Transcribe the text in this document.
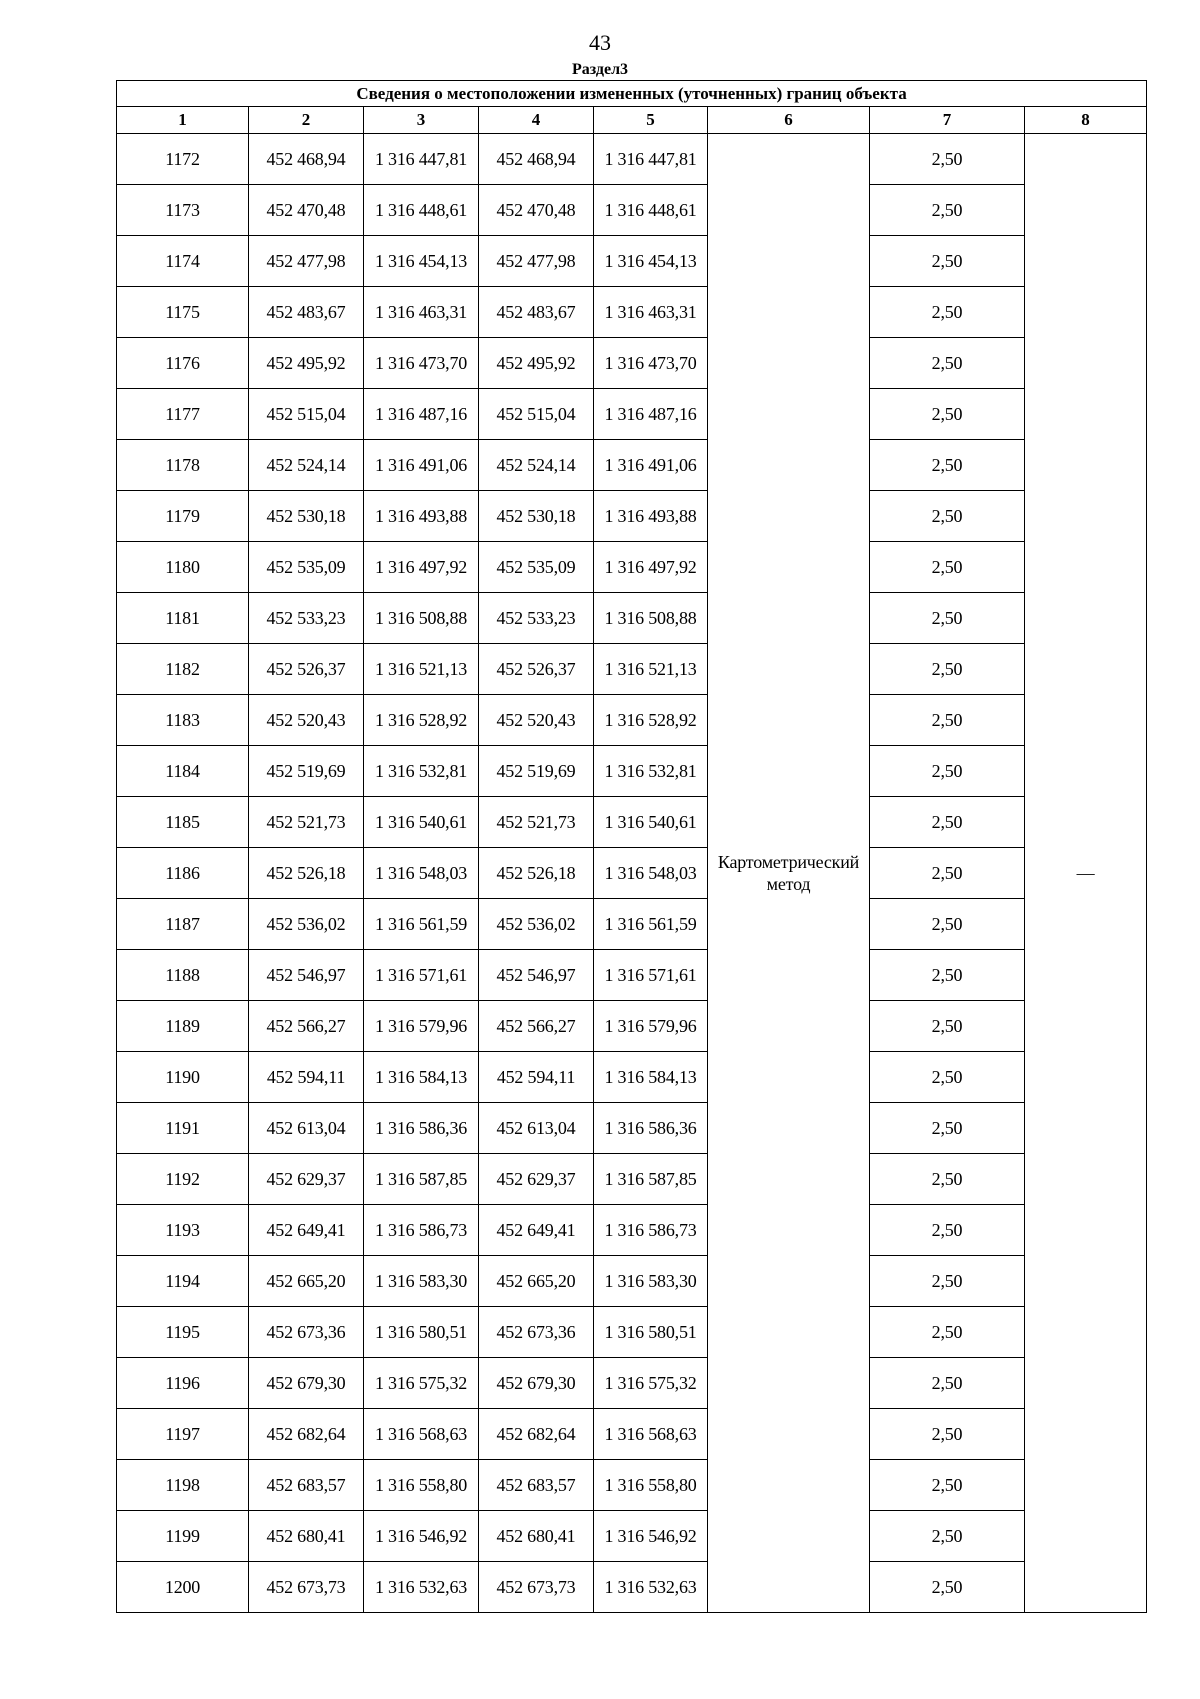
43
Раздел3
Сведения о местоположении измененных (уточненных) границ объекта							
1	2	3	4	5	6	7	8
1172	452 468,94	1 316 447,81	452 468,94	1 316 447,81	Картометрический метод	2,50	—
1173	452 470,48	1 316 448,61	452 470,48	1 316 448,61		2,50	
1174	452 477,98	1 316 454,13	452 477,98	1 316 454,13		2,50	
1175	452 483,67	1 316 463,31	452 483,67	1 316 463,31		2,50	
1176	452 495,92	1 316 473,70	452 495,92	1 316 473,70		2,50	
1177	452 515,04	1 316 487,16	452 515,04	1 316 487,16		2,50	
1178	452 524,14	1 316 491,06	452 524,14	1 316 491,06		2,50	
1179	452 530,18	1 316 493,88	452 530,18	1 316 493,88		2,50	
1180	452 535,09	1 316 497,92	452 535,09	1 316 497,92		2,50	
1181	452 533,23	1 316 508,88	452 533,23	1 316 508,88		2,50	
1182	452 526,37	1 316 521,13	452 526,37	1 316 521,13		2,50	
1183	452 520,43	1 316 528,92	452 520,43	1 316 528,92		2,50	
1184	452 519,69	1 316 532,81	452 519,69	1 316 532,81		2,50	
1185	452 521,73	1 316 540,61	452 521,73	1 316 540,61		2,50	
1186	452 526,18	1 316 548,03	452 526,18	1 316 548,03		2,50	
1187	452 536,02	1 316 561,59	452 536,02	1 316 561,59		2,50	
1188	452 546,97	1 316 571,61	452 546,97	1 316 571,61		2,50	
1189	452 566,27	1 316 579,96	452 566,27	1 316 579,96		2,50	
1190	452 594,11	1 316 584,13	452 594,11	1 316 584,13		2,50	
1191	452 613,04	1 316 586,36	452 613,04	1 316 586,36		2,50	
1192	452 629,37	1 316 587,85	452 629,37	1 316 587,85		2,50	
1193	452 649,41	1 316 586,73	452 649,41	1 316 586,73		2,50	
1194	452 665,20	1 316 583,30	452 665,20	1 316 583,30		2,50	
1195	452 673,36	1 316 580,51	452 673,36	1 316 580,51		2,50	
1196	452 679,30	1 316 575,32	452 679,30	1 316 575,32		2,50	
1197	452 682,64	1 316 568,63	452 682,64	1 316 568,63		2,50	
1198	452 683,57	1 316 558,80	452 683,57	1 316 558,80		2,50	
1199	452 680,41	1 316 546,92	452 680,41	1 316 546,92		2,50	
1200	452 673,73	1 316 532,63	452 673,73	1 316 532,63		2,50	
